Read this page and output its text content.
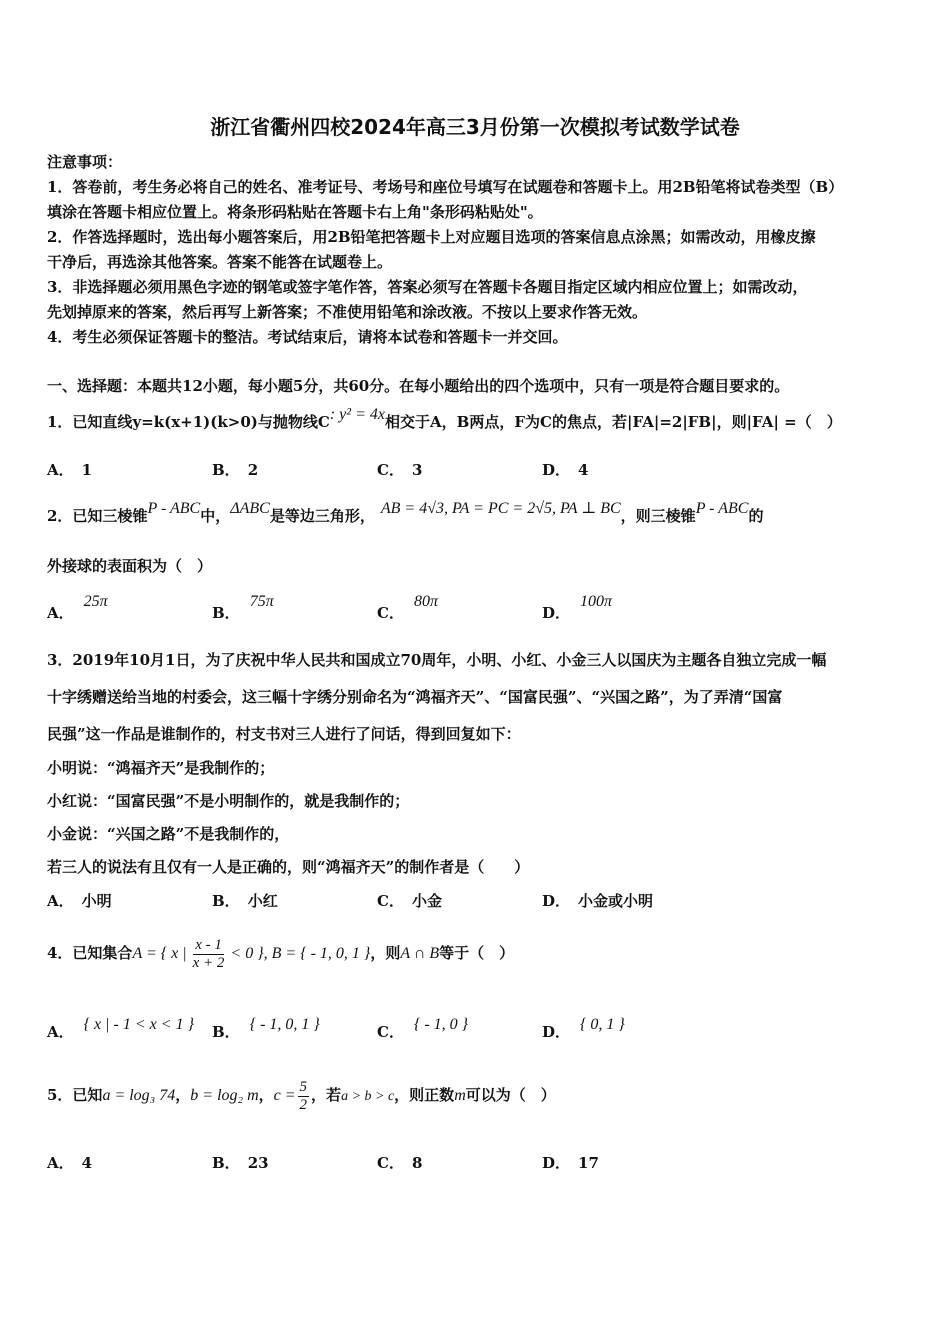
浙江省衢州四校2024年高三3月份第一次模拟考试数学试卷
注意事项：
1．答卷前，考生务必将自己的姓名、准考证号、考场号和座位号填写在试题卷和答题卡上。用2B铅笔将试卷类型（B）
填涂在答题卡相应位置上。将条形码粘贴在答题卡右上角"条形码粘贴处"。
2．作答选择题时，选出每小题答案后，用2B铅笔把答题卡上对应题目选项的答案信息点涂黑；如需改动，用橡皮擦
干净后，再选涂其他答案。答案不能答在试题卷上。
3．非选择题必须用黑色字迹的钢笔或签字笔作答，答案必须写在答题卡各题目指定区域内相应位置上；如需改动，
先划掉原来的答案，然后再写上新答案；不准使用铅笔和涂改液。不按以上要求作答无效。
4．考生必须保证答题卡的整洁。考试结束后，请将本试卷和答题卡一并交回。
一、选择题：本题共12小题，每小题5分，共60分。在每小题给出的四个选项中，只有一项是符合题目要求的。
1．已知直线y=k(x+1)(k>0)与抛物线C: y² = 4x相交于A，B两点，F为C的焦点，若|FA|=2|FB|，则|FA| =（　）
A． 1	B． 2	C． 3	D． 4
2．已知三棱锥P - ABC中，ΔABC是等边三角形， AB = 4√3, PA = PC = 2√5, PA ⊥ BC，则三棱锥P - ABC的
外接球的表面积为（　）
A．25π
B．75π
C．80π
D．100π
3．2019年10月1日，为了庆祝中华人民共和国成立70周年，小明、小红、小金三人以国庆为主题各自独立完成一幅
十字绣赠送给当地的村委会，这三幅十字绣分别命名为“鸿福齐天”、“国富民强”、“兴国之路”，为了弄清“国富
民强”这一作品是谁制作的，村支书对三人进行了问话，得到回复如下：
小明说：“鸿福齐天”是我制作的；
小红说：“国富民强”不是小明制作的，就是我制作的；
小金说：“兴国之路”不是我制作的，
若三人的说法有且仅有一人是正确的，则“鸿福齐天”的制作者是（　　）
A． 小明	B． 小红	C． 小金	D． 小金或小明
4．已知集合A = { x | $\frac{x - 1}{x + 2} < 0$ }, B = { - 1, 0, 1 }，则A ∩ B等于（　）
A． { x | - 1 < x < 1 } B． { - 1, 0, 1 }	C． { - 1, 0 }	D． { 0, 1 }
5．已知a = log₃ 74，b = log₂ m，$c = \frac{5}{2}$ ，若a > b > c，则正数m可以为（　）
A． 4	B． 23	C． 8	D． 17
